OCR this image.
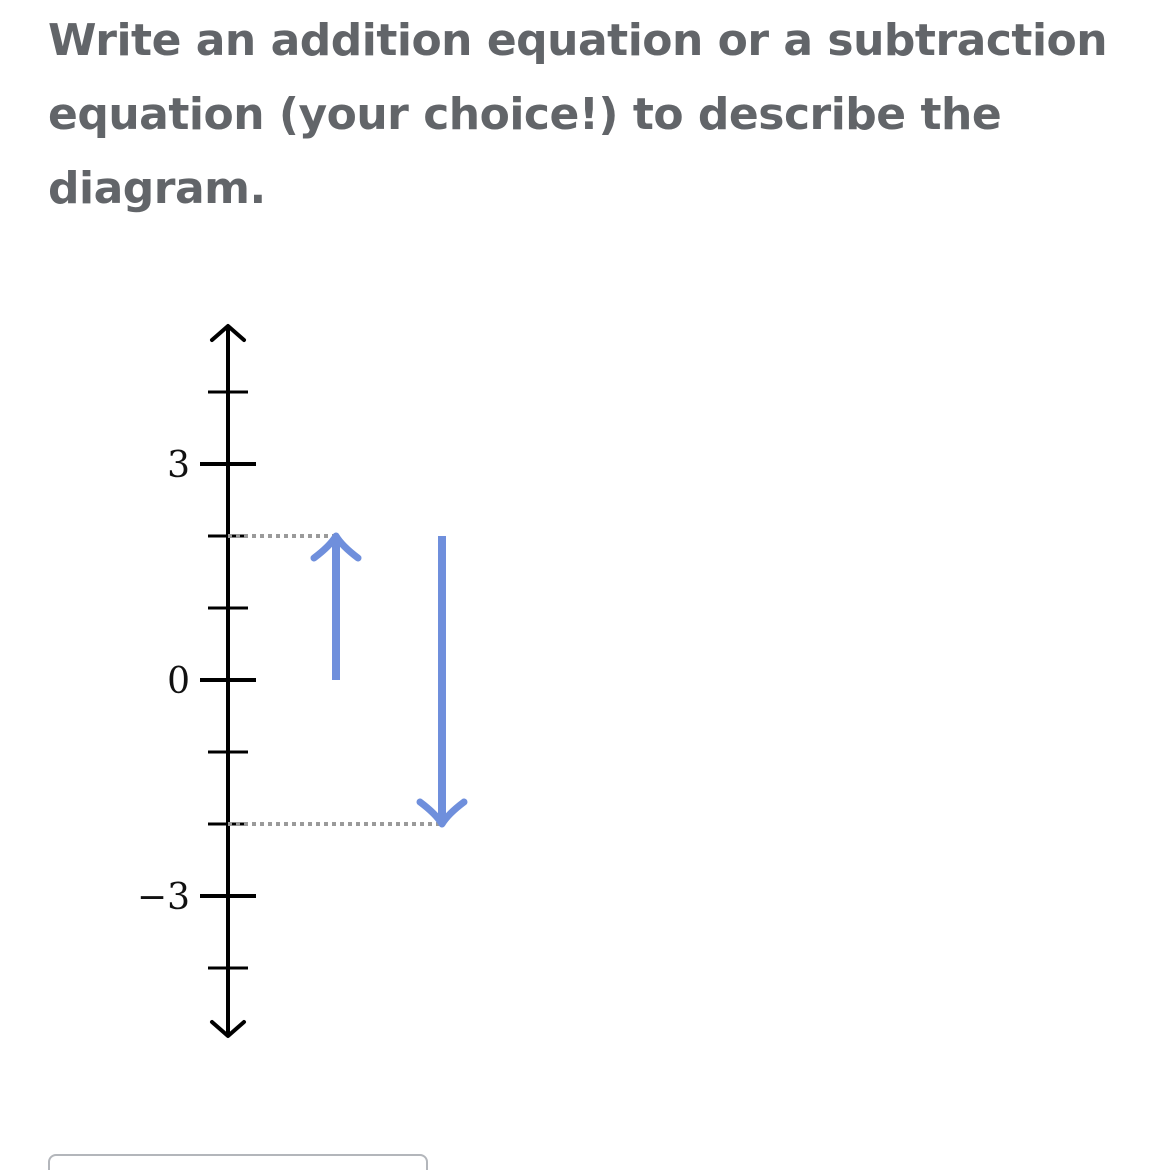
Write an addition equation or a subtraction equation (your choice!) to describe the diagram.

3
0
−3
